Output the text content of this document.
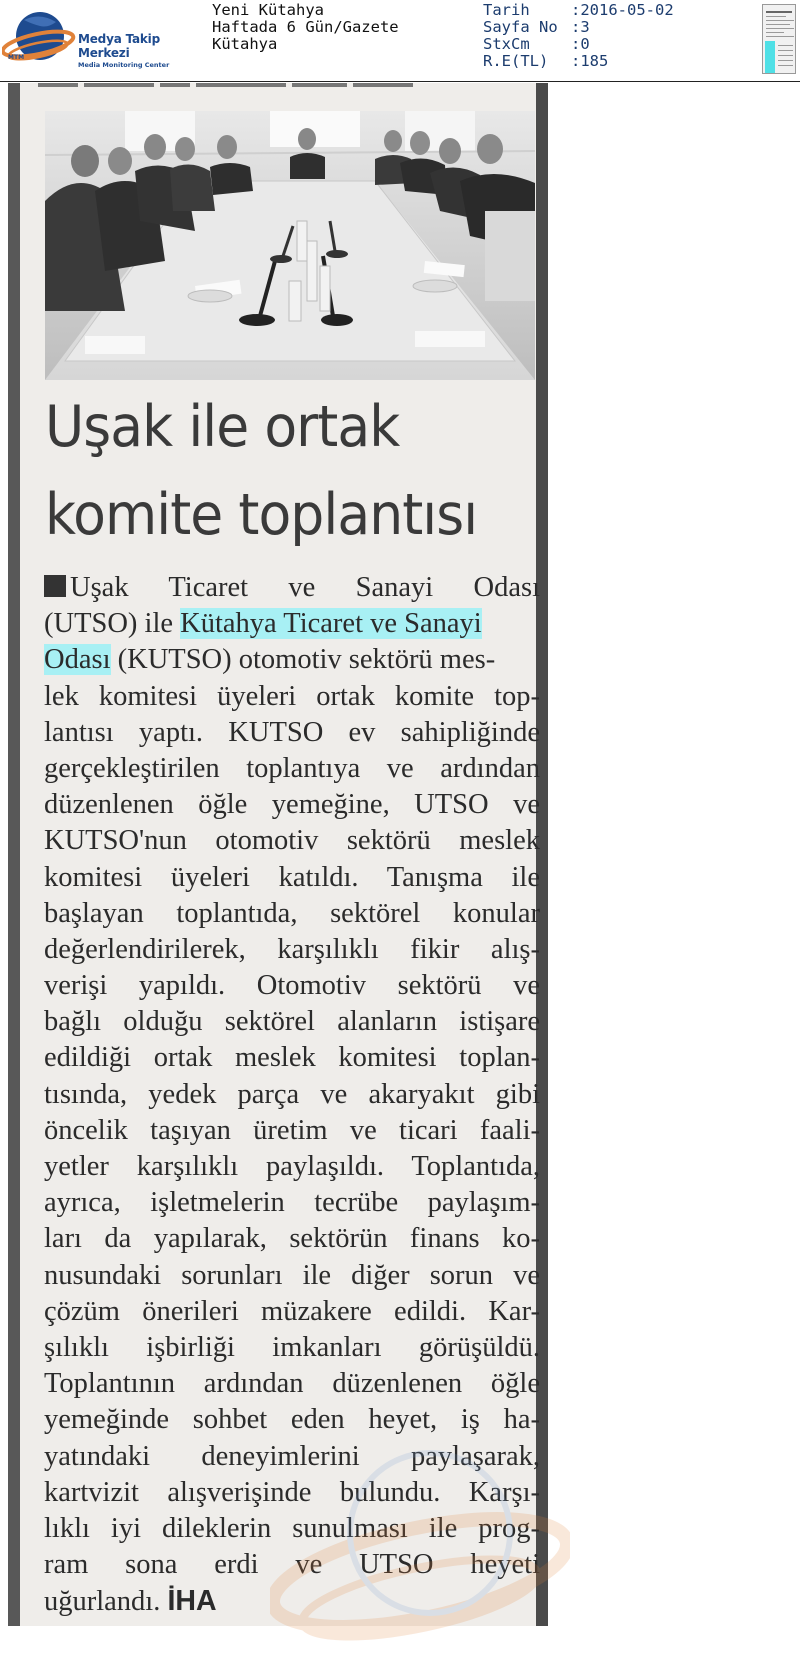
MTM
Medya Takip Merkezi
Media Monitoring Center
Yeni Kütahya
Haftada 6 Gün/Gazete
Kütahya
Tarih	:2016-05-02
Sayfa No :3
StxCm	:0
R.E(TL)	:185
Uşak ile ortak
komite toplantısı
Uşak Ticaret ve Sanayi Odası
(UTSO) ile Kütahya Ticaret ve Sanayi
Odası (KUTSO) otomotiv sektörü mes-
lek komitesi üyeleri ortak komite top-
lantısı yaptı. KUTSO ev sahipliğinde
gerçekleştirilen toplantıya ve ardından
düzenlenen öğle yemeğine, UTSO ve
KUTSO'nun otomotiv sektörü meslek
komitesi üyeleri katıldı. Tanışma ile
başlayan toplantıda, sektörel konular
değerlendirilerek, karşılıklı fikir alış-
verişi yapıldı. Otomotiv sektörü ve
bağlı olduğu sektörel alanların istişare
edildiği ortak meslek komitesi toplan-
tısında, yedek parça ve akaryakıt gibi
öncelik taşıyan üretim ve ticari faali-
yetler karşılıklı paylaşıldı. Toplantıda,
ayrıca, işletmelerin tecrübe paylaşım-
ları da yapılarak, sektörün finans ko-
nusundaki sorunları ile diğer sorun ve
çözüm önerileri müzakere edildi. Kar-
şılıklı işbirliği imkanları görüşüldü.
Toplantının ardından düzenlenen öğle
yemeğinde sohbet eden heyet, iş ha-
yatındaki deneyimlerini paylaşarak,
kartvizit alışverişinde bulundu. Karşı-
lıklı iyi dileklerin sunulması ile prog-
ram sona erdi ve UTSO heyeti
uğurlandı. İHA
